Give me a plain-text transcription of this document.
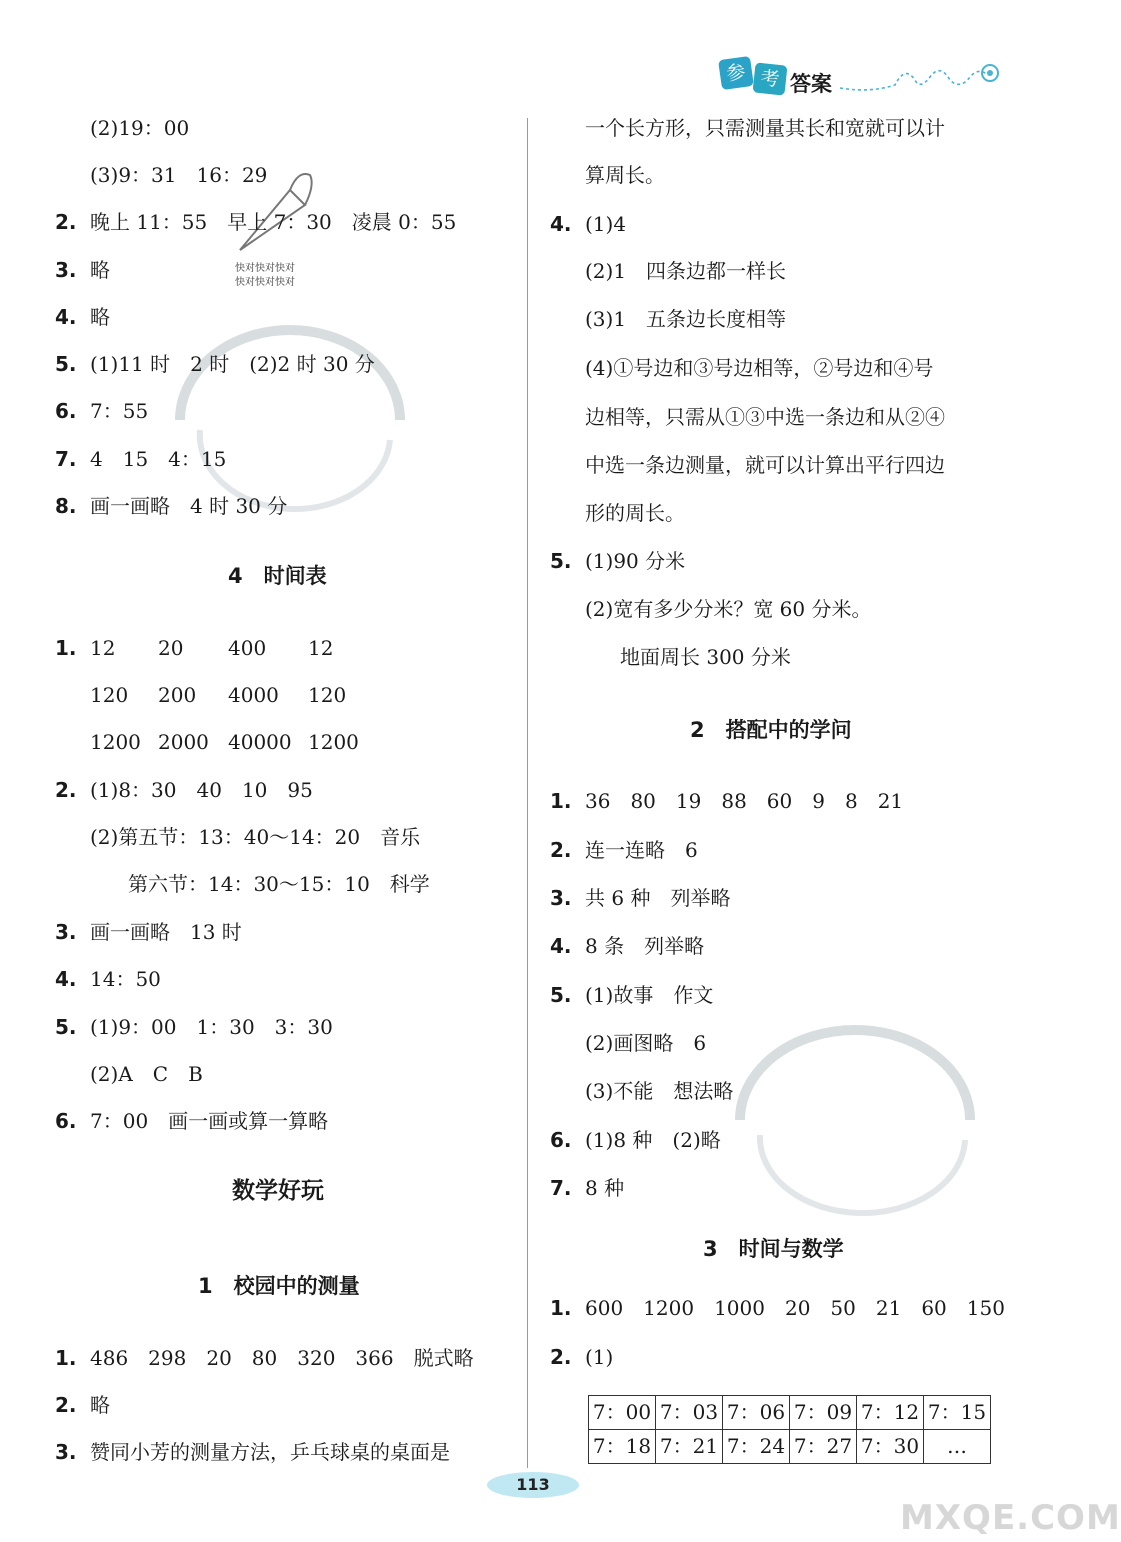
参 考 答案
快对快对快对
快对快对快对
(2)19：00
(3)9：31　16：29
2. 晚上 11：55　早上 7：30　凌晨 0：55
3. 略
4. 略
5. (1)11 时　2 时　(2)2 时 30 分
6. 7：55
7. 4　15　4：15
8. 画一画略　4 时 30 分
4　时间表
1. 12 20 400 12
120 200 4000 120
1200 2000 40000 1200
2. (1)8：30　40　10　95
(2)第五节：13：40～14：20　音乐
第六节：14：30～15：10　科学
3. 画一画略　13 时
4. 14：50
5. (1)9：00　1：30　3：30
(2)A　C　B
6. 7：00　画一画或算一算略
数学好玩
1　校园中的测量
1. 486　298　20　80　320　366　脱式略
2. 略
3. 赞同小芳的测量方法，乒乓球桌的桌面是
一个长方形，只需测量其长和宽就可以计
算周长。
4. (1)4
(2)1　四条边都一样长
(3)1　五条边长度相等
(4)①号边和③号边相等，②号边和④号
边相等，只需从①③中选一条边和从②④
中选一条边测量，就可以计算出平行四边
形的周长。
5. (1)90 分米
(2)宽有多少分米？宽 60 分米。
地面周长 300 分米
2　搭配中的学问
1. 36　80　19　88　60　9　8　21
2. 连一连略　6
3. 共 6 种　列举略
4. 8 条　列举略
5. (1)故事　作文
(2)画图略　6
(3)不能　想法略
6. (1)8 种　(2)略
7. 8 种
3　时间与数学
1. 600　1200　1000　20　50　21　60　150
2. (1)
7：00	7：03	7：06	7：09	7：12	7：15
7：18	7：21	7：24	7：27	7：30	…
113
MXQE.COM
